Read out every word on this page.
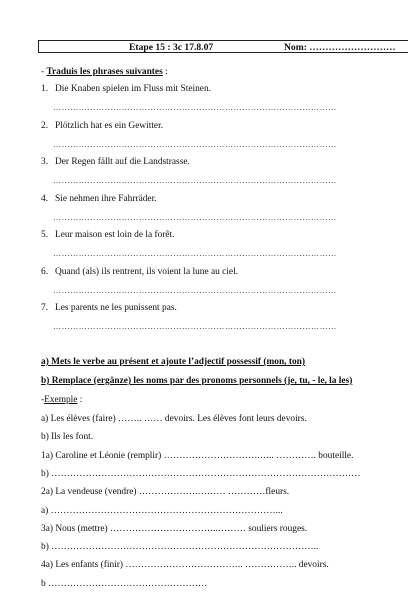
Etape 15 : 3c 17.8.07	Nom: ………………………
- Traduis les phrases suivantes :
1. Die Knaben spielen im Fluss mit Steinen.
………………………………………………………………………………………
2. Plötzlich hat es ein Gewitter.
………………………………………………………………………………………
3. Der Regen fällt auf die Landstrasse.
………………………………………………………………………………………
4. Sie nehmen ihre Fahrräder.
………………………………………………………………………………………
5. Leur maison est loin de la forêt.
………………………………………………………………………………………
6. Quand (als) ils rentrent, ils voient la lune au ciel.
………………………………………………………………………………………
7. Les parents ne les punissent pas.
………………………………………………………………………………………
a) Mets le verbe au présent et ajoute l’adjectif possessif (mon, ton)
b) Remplace (ergänze) les noms par des pronoms personnels (je, tu, - le, la les)
-Exemple :
a) Les élèves (faire) …….. …… devoirs. Les élèves font leurs devoirs.
b) Ils les font.
1a) Caroline et Léonie (remplir) ………………………….….. …………. bouteille.
b) ………………………………………………………………………………………
2a) La vendeuse (vendre) ……………….……… …………fleurs.
a) ………………………………………………………………...
3a) Nous (mettre) ……………………………..……… souliers rouges.
b) …………………………………………………………………………..
4a) Les enfants (finir) ……………………………….. …………….. devoirs.
b ……………………………………………
